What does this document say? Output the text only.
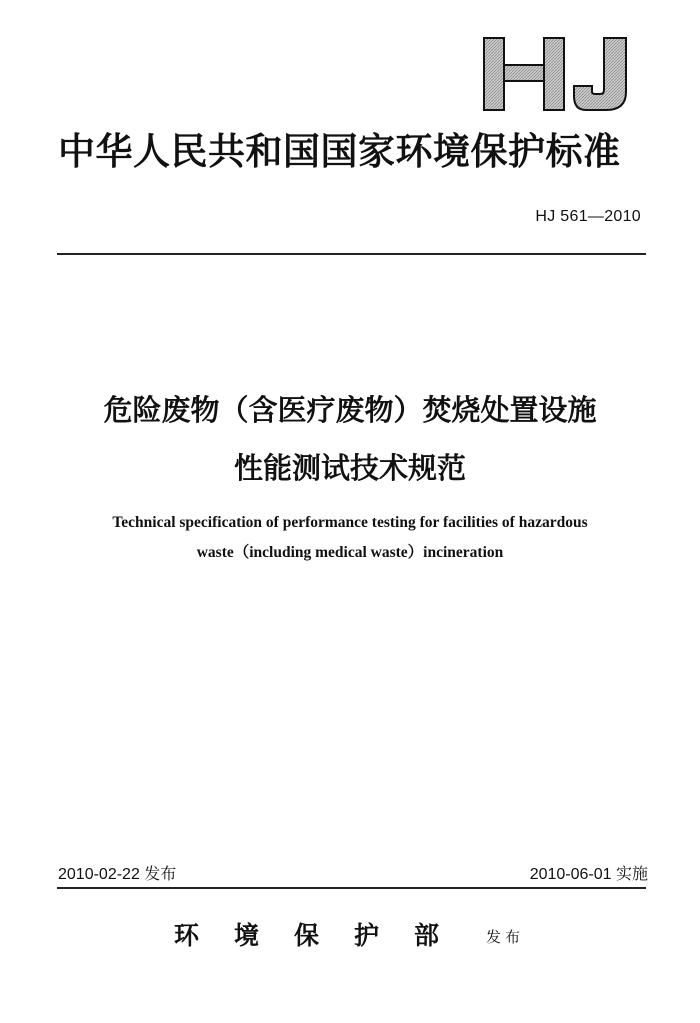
中华人民共和国国家环境保护标准
HJ 561—2010
危险废物（含医疗废物）焚烧处置设施
性能测试技术规范
Technical specification of performance testing for facilities of hazardous
waste（including medical waste）incineration
2010-02-22 发布	2010-06-01 实施
环境保护部 发布
